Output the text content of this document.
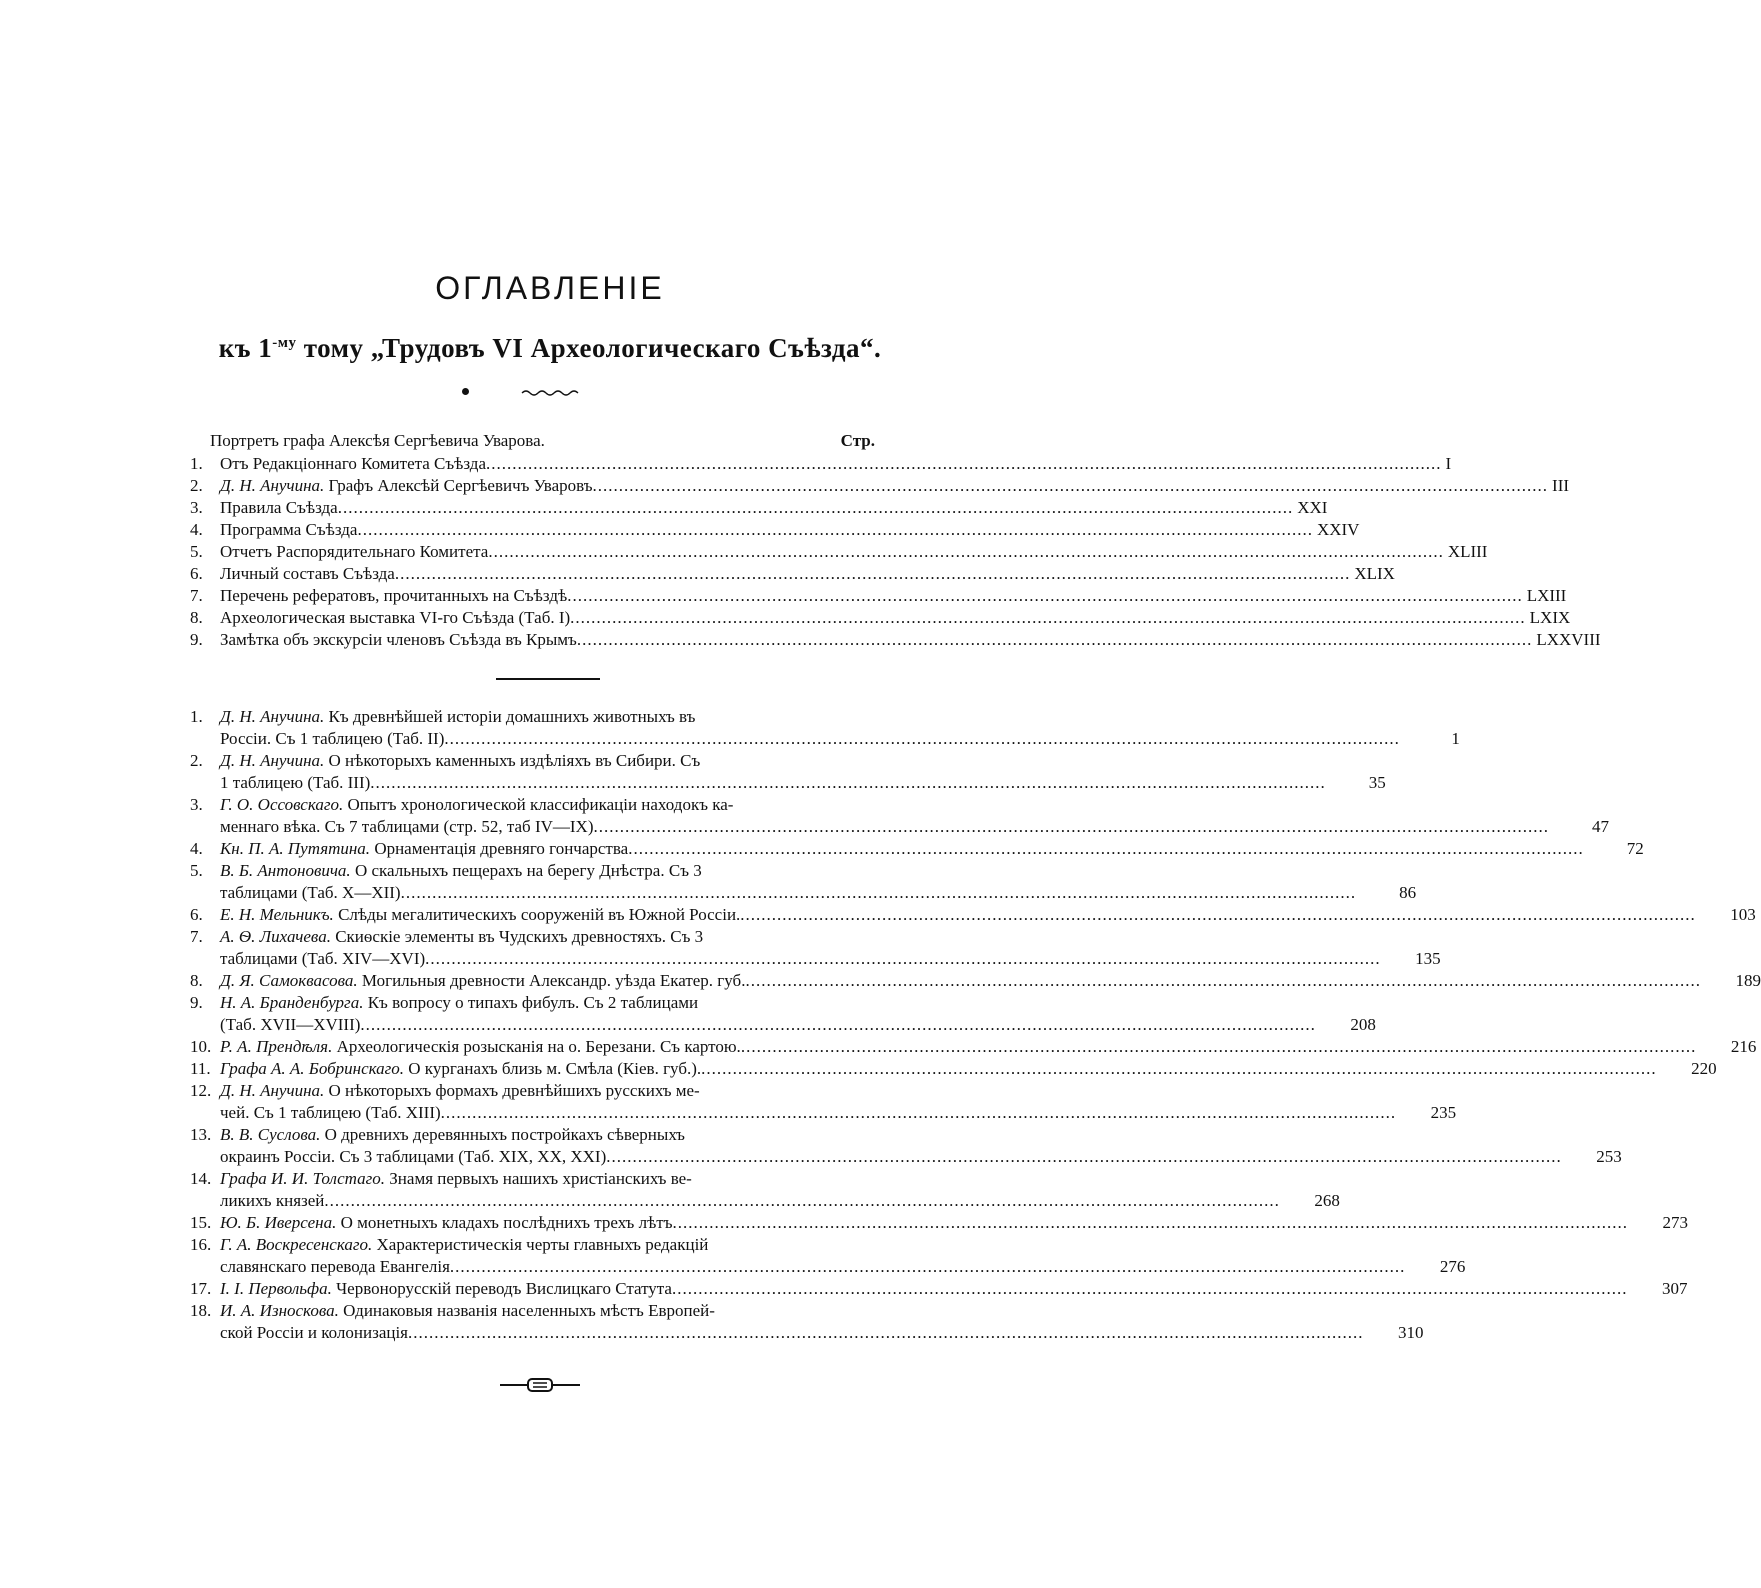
ОГЛАВЛЕНІЕ
къ $1^{-му}$ тому „Трудовъ VI Археологическаго Съѣзда“.
Портретъ графа Алексѣя Сергѣевича Уварова.	Стр.
1.	Отъ Редакціоннаго Комитета Съѣзда .....	I
2.	Д. Н. Анучина. Графъ Алексѣй Сергѣевичъ Уваровъ .....	III
3.	Правила Съѣзда .....	XXI
4.	Программа Съѣзда .....	XXIV
5.	Отчетъ Распорядительнаго Комитета .....	XLIII
6.	Личный составъ Съѣзда .....	XLIX
7.	Перечень рефератовъ, прочитанныхъ на Съѣздѣ .....	LXIII
8.	Археологическая выставка VI-го Съѣзда (Таб. I) .....	LXIX
9.	Замѣтка объ экскурсіи членовъ Съѣзда въ Крымъ .....	LXXVIII
1.	Д. Н. Анучина. Къ древнѣйшей исторіи домашнихъ животныхъ въ
Россіи. Съ 1 таблицею (Таб. II) .....	1
2.	Д. Н. Анучина. О нѣкоторыхъ каменныхъ издѣліяхъ въ Сибири. Съ
1 таблицею (Таб. III) .....	35
3.	Г. О. Оссовскаго. Опытъ хронологической классификаціи находокъ ка-
меннаго вѣка. Съ 7 таблицами (стр. 52, таб IV—IX) .....	47
4.	Кн. П. А. Путятина. Орнаментація древняго гончарства .....	72
5.	В. Б. Антоновича. О скальныхъ пещерахъ на берегу Днѣстра. Съ 3
таблицами (Таб. X—XII) .....	86
6.	Е. Н. Мельникъ. Слѣды мегалитическихъ сооруженій въ Южной Россіи. .....	103
7.	А. Ѳ. Лихачева. Скиѳскіе элементы въ Чудскихъ древностяхъ. Съ 3
таблицами (Таб. XIV—XVI) .....	135
8.	Д. Я. Самоквасова. Могильныя древности Александр. уѣзда Екатер. губ. .....	189
9.	Н. А. Бранденбурга. Къ вопросу о типахъ фибулъ. Съ 2 таблицами
(Таб. XVII—XVIII) .....	208
10. Р. А. Прендѣля. Археологическія розысканія на о. Березани. Съ картою. .....	216
11. Графа А. А. Бобринскаго. О курганахъ близь м. Смѣла (Кiев. губ.). .....	220
12. Д. Н. Анучина. О нѣкоторыхъ формахъ древнѣйшихъ русскихъ ме-
чей. Съ 1 таблицею (Таб. XIII) .....	235
13. В. В. Суслова. О древнихъ деревянныхъ постройкахъ сѣверныхъ
окраинъ Россіи. Съ 3 таблицами (Таб. XIX, XX, XXI) .....	253
14. Графа И. И. Толстаго. Знамя первыхъ нашихъ христіанскихъ ве-
ликихъ князей .....	268
15. Ю. Б. Иверсена. О монетныхъ кладахъ послѣднихъ трехъ лѣтъ .....	273
16. Г. А. Воскресенскаго. Характеристическія черты главныхъ редакцій
славянскаго перевода Евангелія .....	276
17. I. I. Первольфа. Червонорусскій переводъ Вислицкаго Статута .....	307
18. И. А. Износкова. Одинаковыя названія населенныхъ мѣстъ Европей-
ской Россіи и колонизація .....	310
